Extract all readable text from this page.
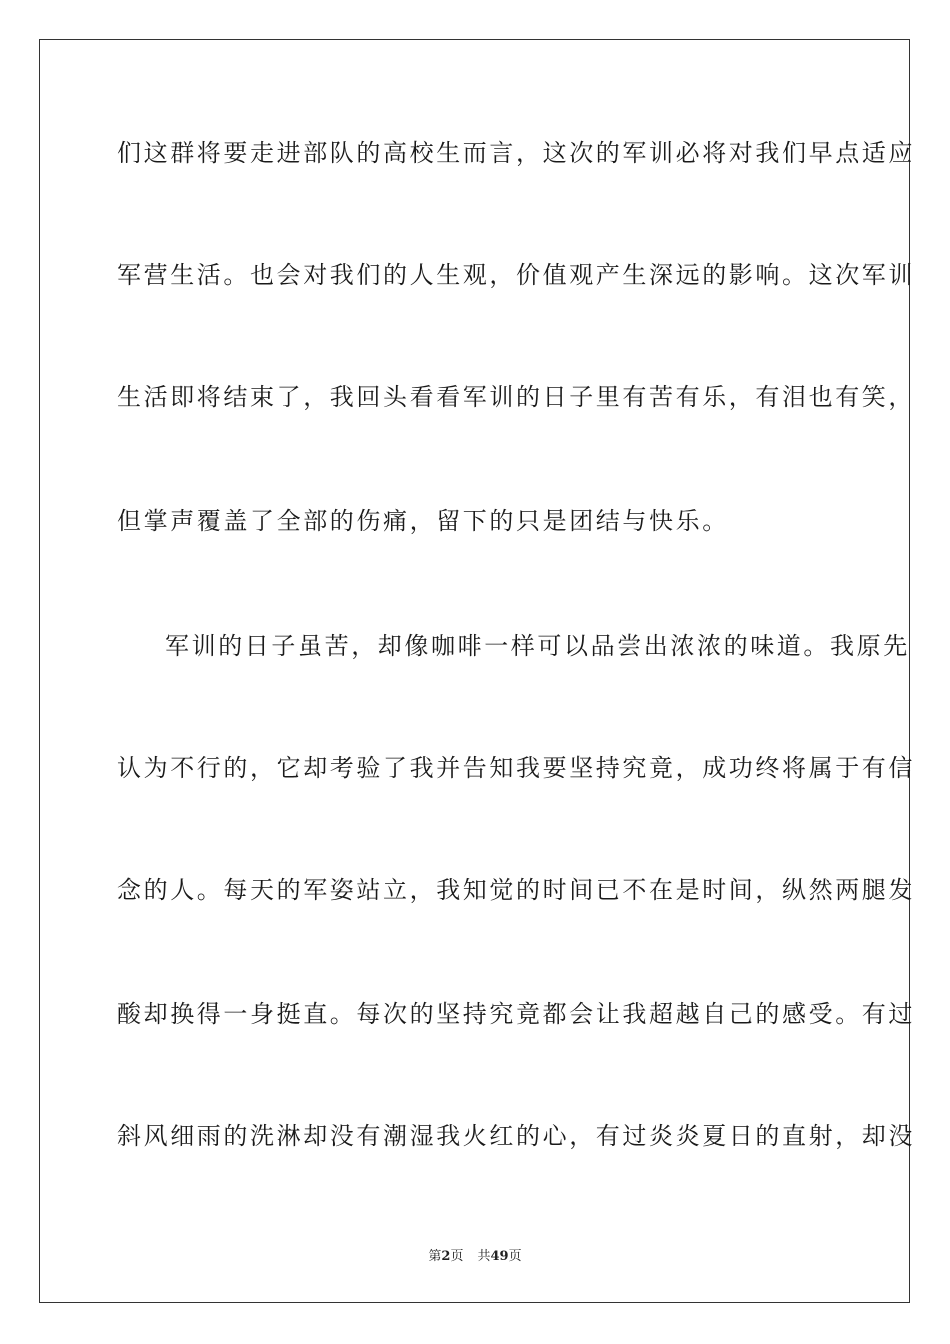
们这群将要走进部队的高校生而言，这次的军训必将对我们早点适应
军营生活。也会对我们的人生观，价值观产生深远的影响。这次军训
生活即将结束了，我回头看看军训的日子里有苦有乐，有泪也有笑，
但掌声覆盖了全部的伤痛，留下的只是团结与快乐。
军训的日子虽苦，却像咖啡一样可以品尝出浓浓的味道。我原先
认为不行的，它却考验了我并告知我要坚持究竟，成功终将属于有信
念的人。每天的军姿站立，我知觉的时间已不在是时间，纵然两腿发
酸却换得一身挺直。每次的坚持究竟都会让我超越自己的感受。有过
斜风细雨的洗淋却没有潮湿我火红的心，有过炎炎夏日的直射，却没
第2页 共49页
